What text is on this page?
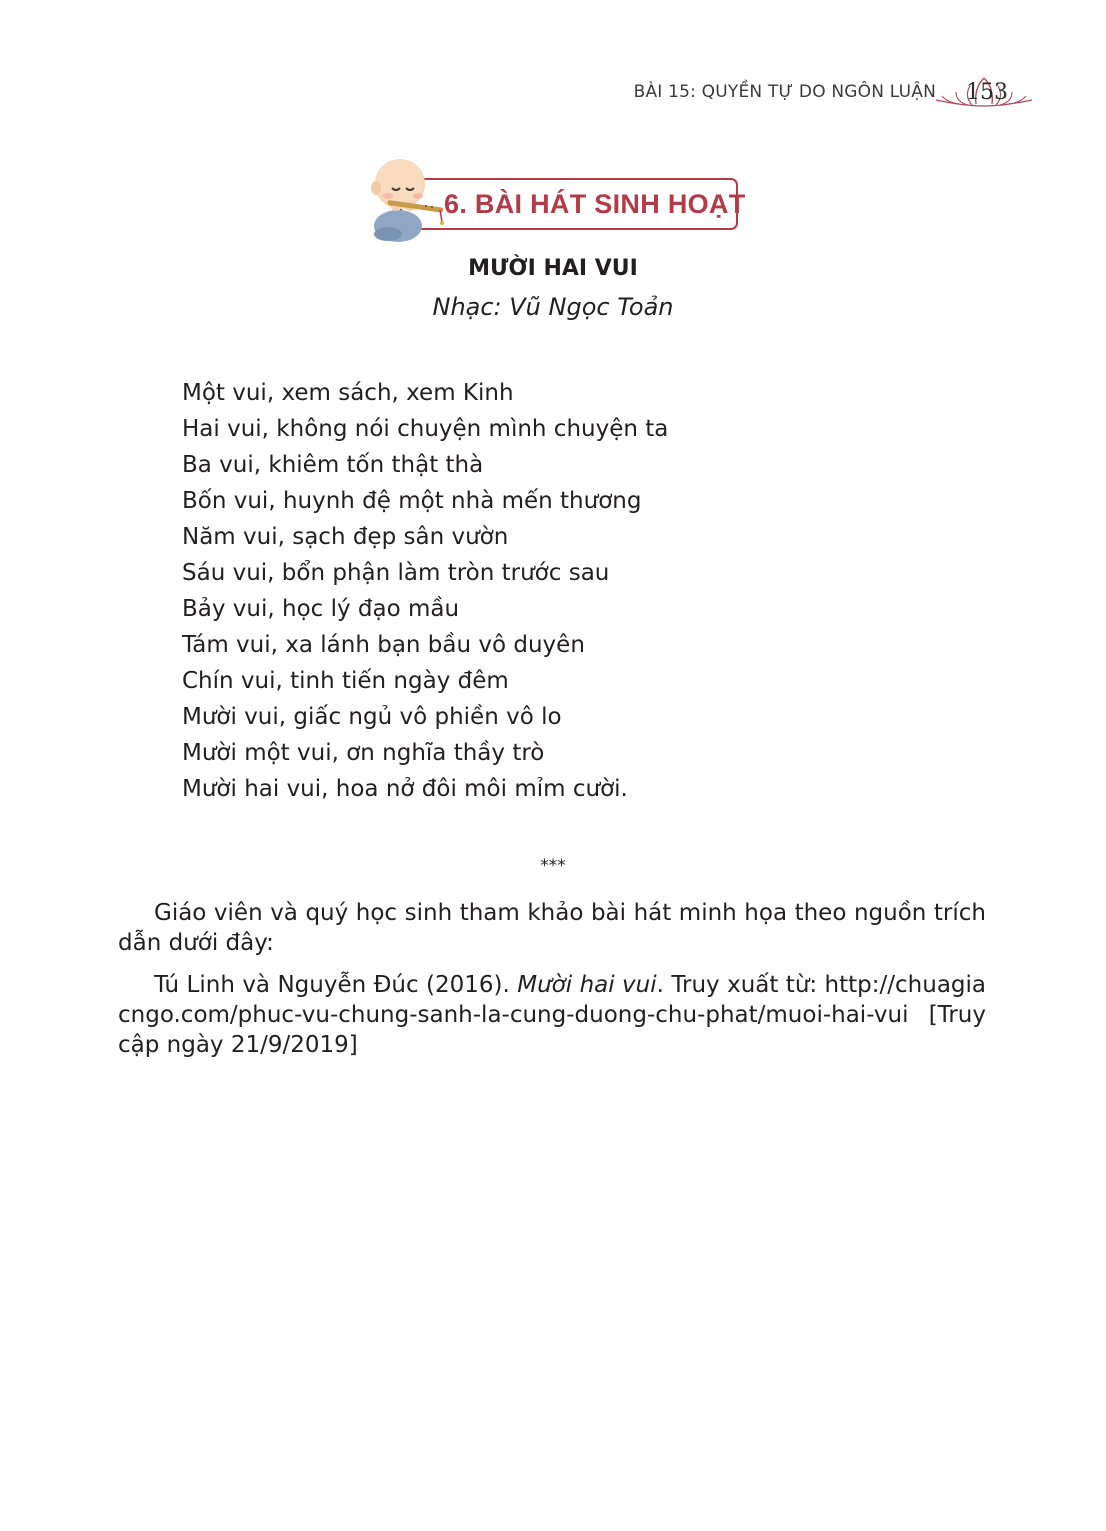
BÀI 15: QUYỀN TỰ DO NGÔN LUẬN 153
6. BÀI HÁT SINH HOẠT
MƯỜI HAI VUI
Nhạc: Vũ Ngọc Toản
Một vui, xem sách, xem Kinh
Hai vui, không nói chuyện mình chuyện ta
Ba vui, khiêm tốn thật thà
Bốn vui, huynh đệ một nhà mến thương
Năm vui, sạch đẹp sân vườn
Sáu vui, bổn phận làm tròn trước sau
Bảy vui, học lý đạo mầu
Tám vui, xa lánh bạn bầu vô duyên
Chín vui, tinh tiến ngày đêm
Mười vui, giấc ngủ vô phiền vô lo
Mười một vui, ơn nghĩa thầy trò
Mười hai vui, hoa nở đôi môi mỉm cười.
***

Giáo viên và quý học sinh tham khảo bài hát minh họa theo nguồn trích dẫn dưới đây:

Tú Linh và Nguyễn Đúc (2016). Mười hai vui. Truy xuất từ: http://chuagiacngo.com/phuc-vu-chung-sanh-la-cung-duong-chu-phat/muoi-hai-vui [Truy cập ngày 21/9/2019]
